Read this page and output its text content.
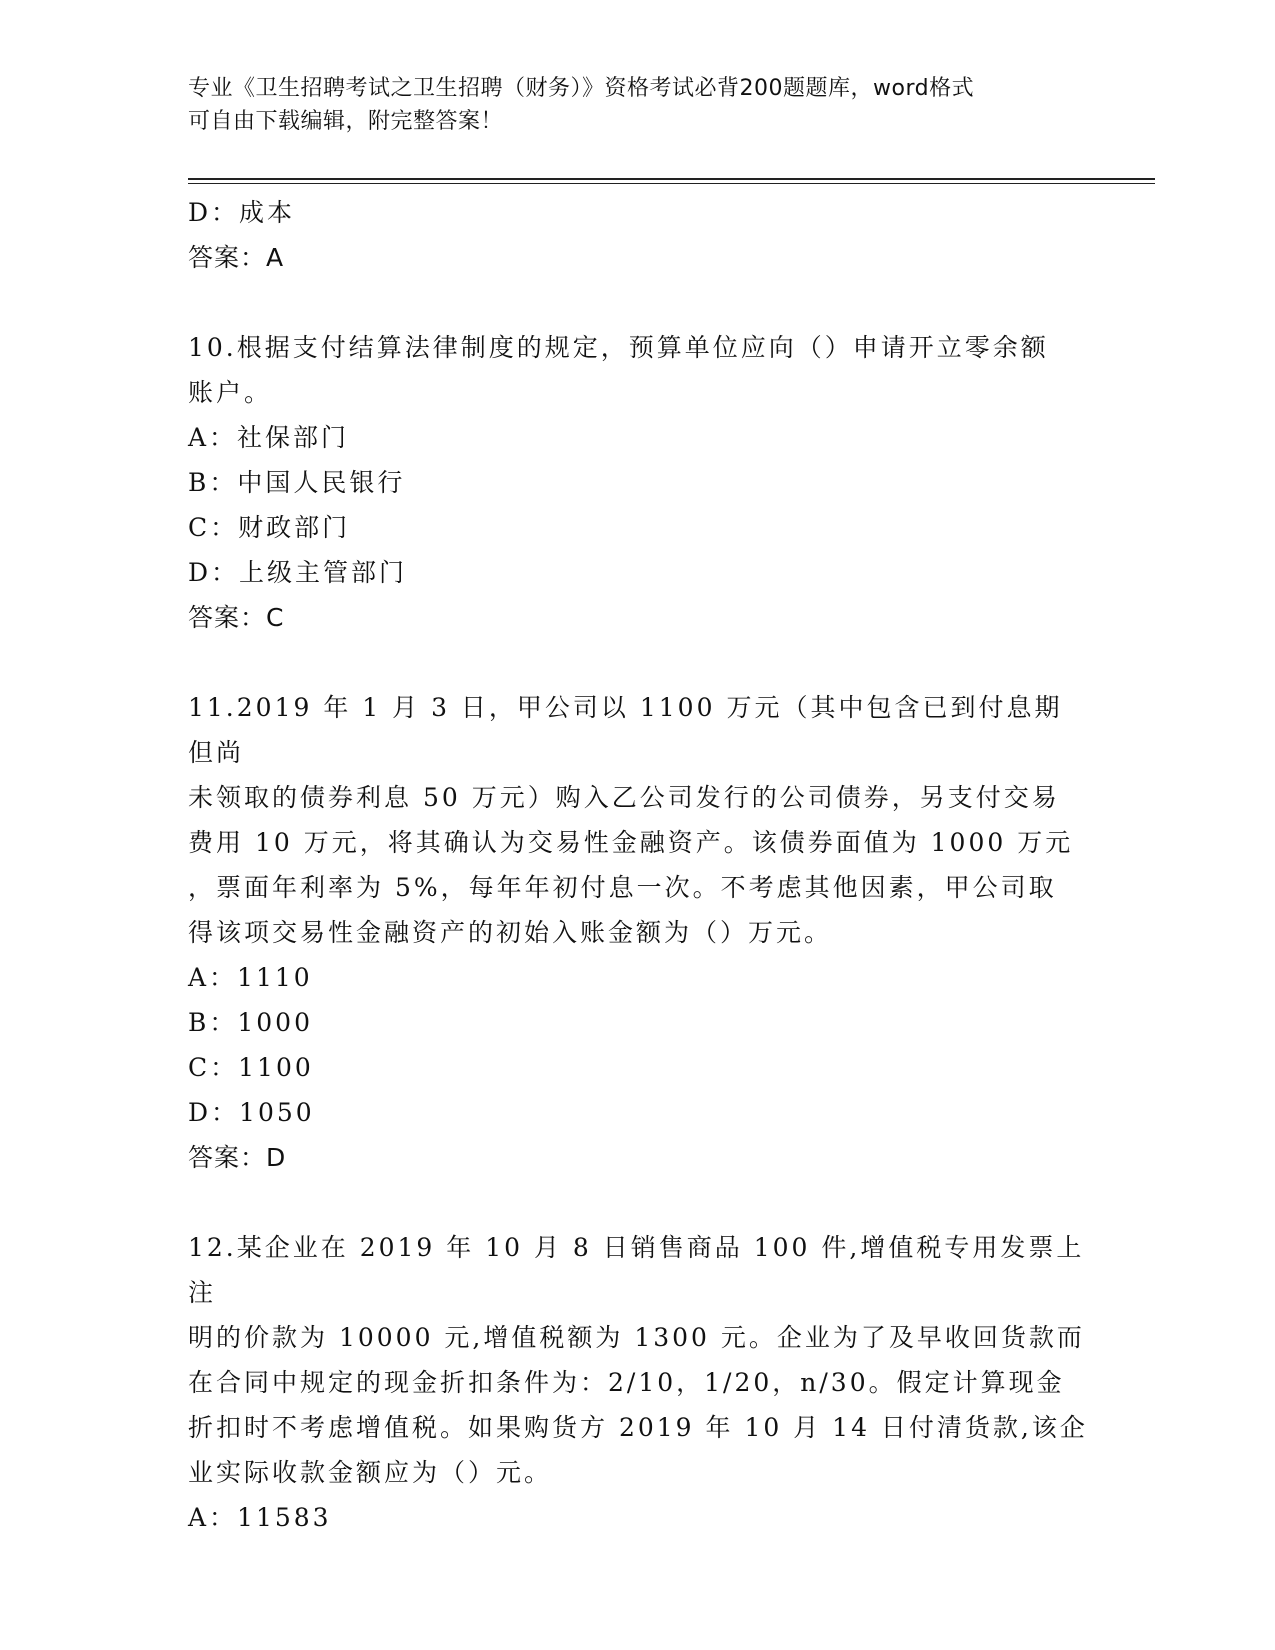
专业《卫生招聘考试之卫生招聘（财务）》资格考试必背200题题库，word格式
可自由下载编辑，附完整答案！

D：成本

答案：A

10.根据支付结算法律制度的规定，预算单位应向（）申请开立零余额

账户。

A：社保部门

B：中国人民银行

C：财政部门

D：上级主管部门

答案：C

11.2019 年 1 月 3 日，甲公司以 1100 万元（其中包含已到付息期但尚

未领取的债券利息 50 万元）购入乙公司发行的公司债券，另支付交易

费用 10 万元，将其确认为交易性金融资产。该债券面值为 1000 万元

，票面年利率为 5%，每年年初付息一次。不考虑其他因素，甲公司取

得该项交易性金融资产的初始入账金额为（）万元。

A：1110

B：1000

C：1100

D：1050

答案：D

12.某企业在 2019 年 10 月 8 日销售商品 100 件,增值税专用发票上注

明的价款为 10000 元,增值税额为 1300 元。企业为了及早收回货款而

在合同中规定的现金折扣条件为：2/10，1/20，n/30。假定计算现金

折扣时不考虑增值税。如果购货方 2019 年 10 月 14 日付清货款,该企

业实际收款金额应为（）元。

A：11583
